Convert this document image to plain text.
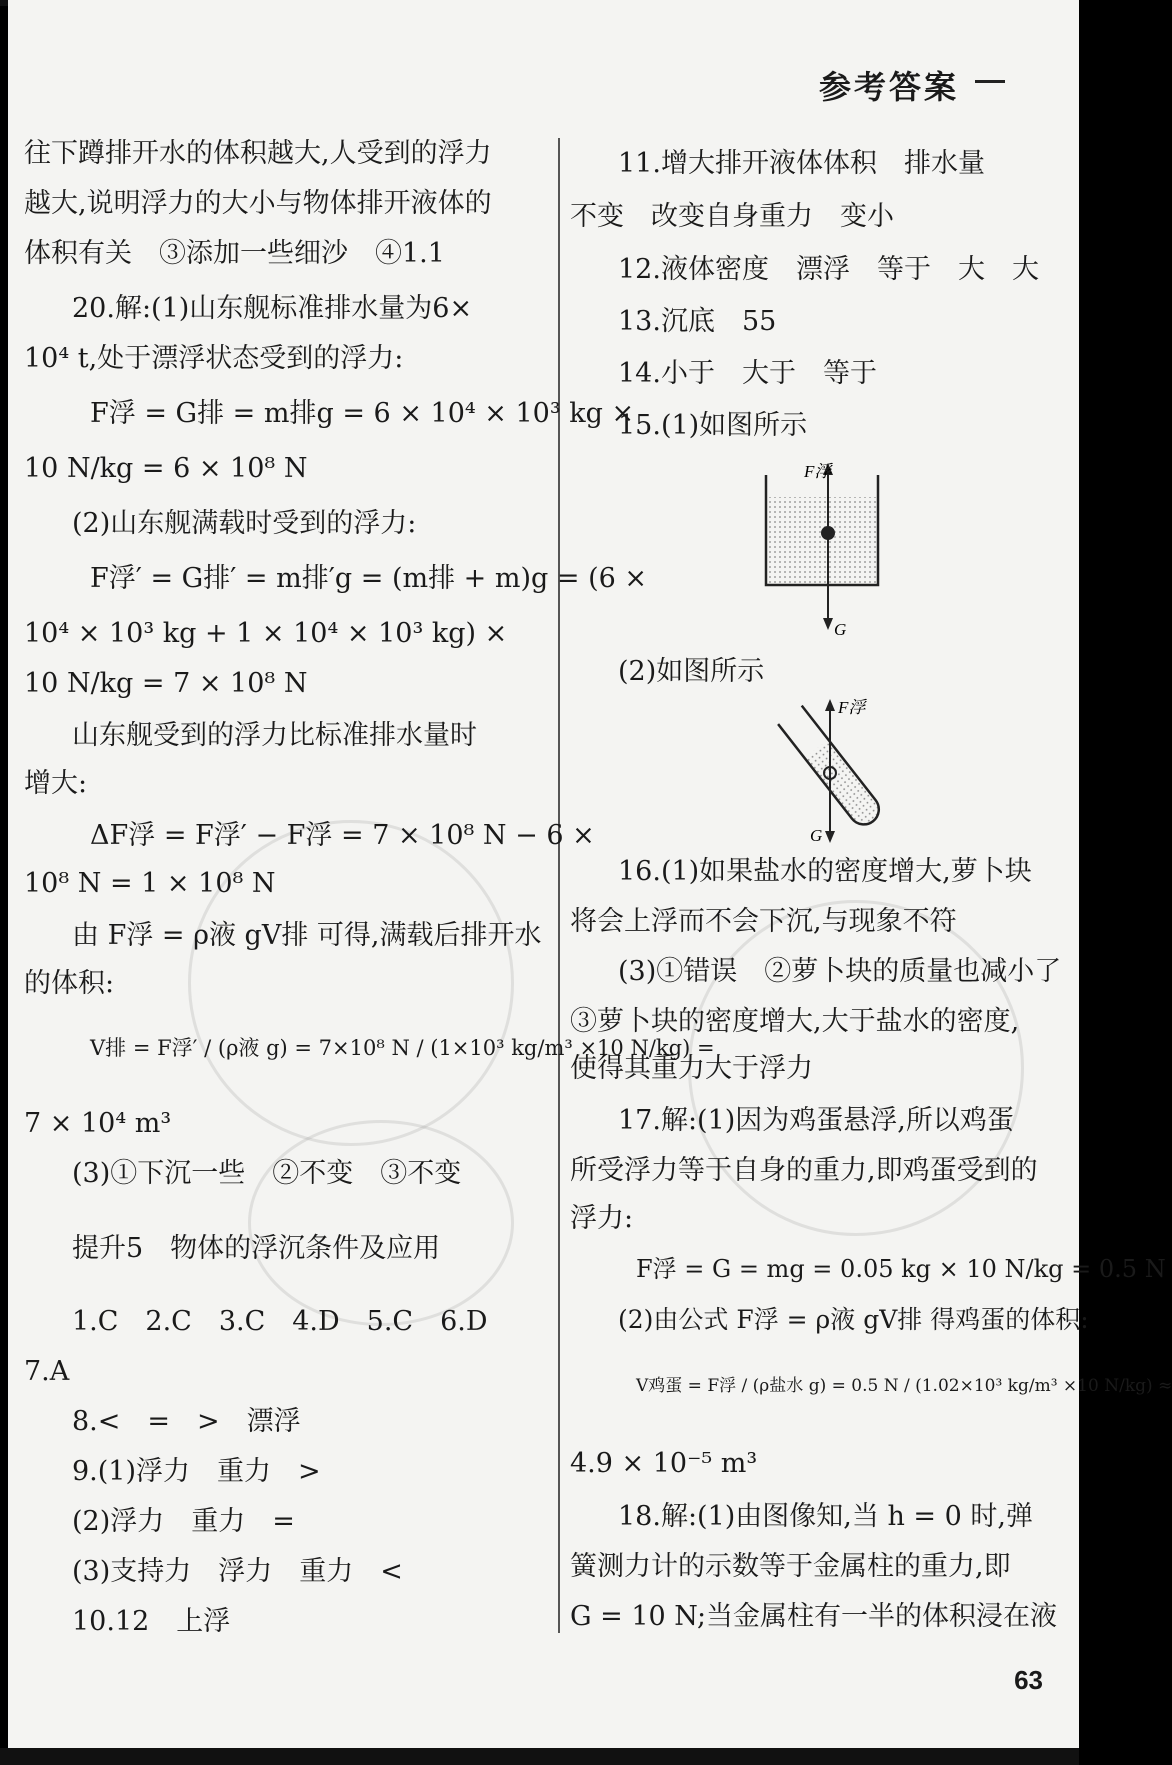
参考答案
往下蹲排开水的体积越大,人受到的浮力
越大,说明浮力的大小与物体排开液体的
体积有关　③添加一些细沙　④1.1
20.解:(1)山东舰标准排水量为6×
10⁴ t,处于漂浮状态受到的浮力:
F浮 = G排 = m排g = 6 × 10⁴ × 10³ kg ×
10 N/kg = 6 × 10⁸ N
(2)山东舰满载时受到的浮力:
F浮′ = G排′ = m排′g = (m排 + m)g = (6 ×
10⁴ × 10³ kg + 1 × 10⁴ × 10³ kg) ×
10 N/kg = 7 × 10⁸ N
山东舰受到的浮力比标准排水量时
增大:
ΔF浮 = F浮′ − F浮 = 7 × 10⁸ N − 6 ×
10⁸ N = 1 × 10⁸ N
由 F浮 = ρ液 gV排 可得,满载后排开水
的体积:
V排 = F浮′ / (ρ液 g) = 7×10⁸ N / (1×10³ kg/m³ ×10 N/kg) =
7 × 10⁴ m³
(3)①下沉一些　②不变　③不变
提升5　物体的浮沉条件及应用
1.C　2.C　3.C　4.D　5.C　6.D
7.A
8.<　=　>　漂浮
9.(1)浮力　重力　>
(2)浮力　重力　=
(3)支持力　浮力　重力　<
10.12　上浮
11.增大排开液体体积　排水量
不变　改变自身重力　变小
12.液体密度　漂浮　等于　大　大
13.沉底　55
14.小于　大于　等于
15.(1)如图所示
(2)如图所示
16.(1)如果盐水的密度增大,萝卜块
将会上浮而不会下沉,与现象不符
(3)①错误　②萝卜块的质量也减小了
③萝卜块的密度增大,大于盐水的密度,
使得其重力大于浮力
17.解:(1)因为鸡蛋悬浮,所以鸡蛋
所受浮力等于自身的重力,即鸡蛋受到的
浮力:
F浮 = G = mg = 0.05 kg × 10 N/kg = 0.5 N
(2)由公式 F浮 = ρ液 gV排 得鸡蛋的体积:
V鸡蛋 = F浮 / (ρ盐水 g) = 0.5 N / (1.02×10³ kg/m³ ×10 N/kg) ≈
4.9 × 10⁻⁵ m³
18.解:(1)由图像知,当 h = 0 时,弹
簧测力计的示数等于金属柱的重力,即
G = 10 N;当金属柱有一半的体积浸在液
F浮
G
F浮
G
63
